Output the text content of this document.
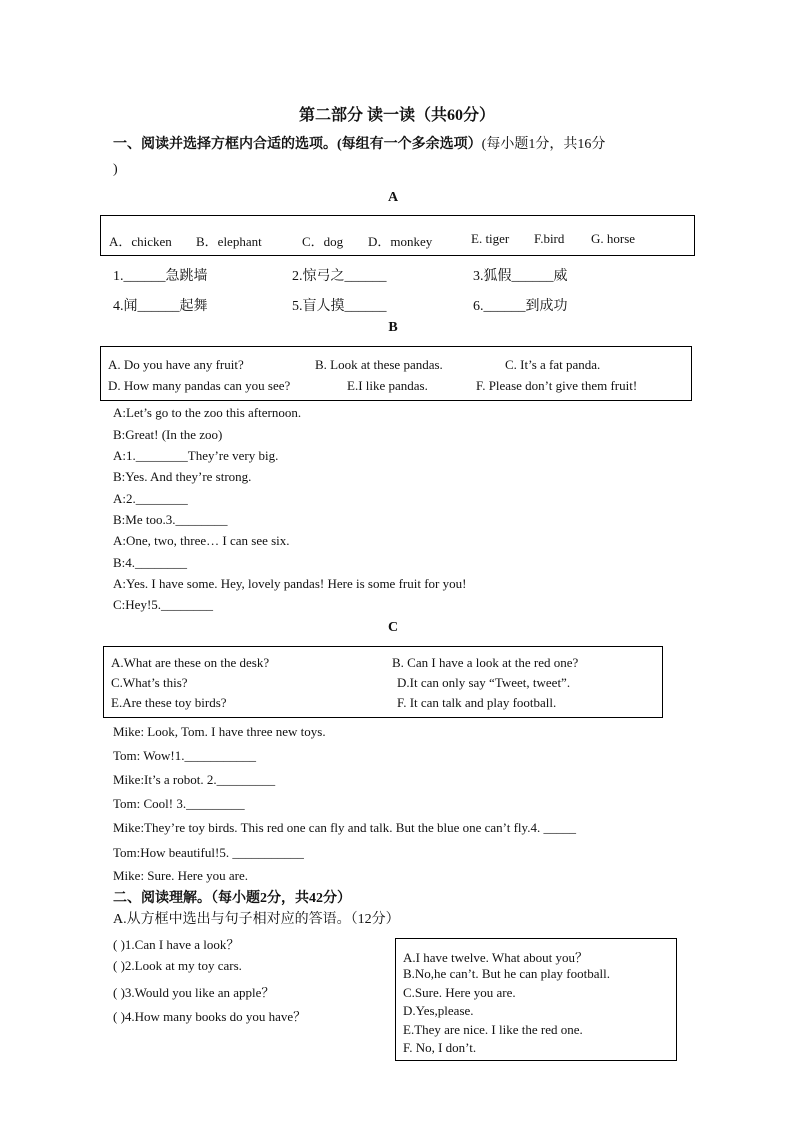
第二部分 读一读（共60分）
一、阅读并选择方框内合适的选项。(每组有一个多余选项）(每小题1分，共16分
)
A
A．chicken B．elephant	C．dog D．monkey	E. tiger F.bird G. horse
1.______急跳墙	2.惊弓之______	3.狐假______威
4.闻______起舞	5.盲人摸______	6.______到成功
B
A. Do you have any fruit?	B. Look at these pandas.	C. It’s a fat panda.
D. How many pandas can you see?	E.I like pandas.	F. Please don’t give them fruit!
A:Let’s go to the zoo this afternoon.
B:Great! (In the zoo)
A:1.________They’re very big.
B:Yes. And they’re strong.
A:2.________
B:Me too.3.________
A:One, two, three… I can see six.
B:4.________
A:Yes. I have some. Hey, lovely pandas! Here is some fruit for you!
C:Hey!5.________
C
A.What are these on the desk?	B. Can I have a look at the red one?
C.What’s this?	D.It can only say “Tweet, tweet”.
E.Are these toy birds?	F. It can talk and play football.
Mike: Look, Tom. I have three new toys.
Tom: Wow!1.___________
Mike:It’s a robot. 2._________
Tom: Cool! 3._________
Mike:They’re toy birds. This red one can fly and talk. But the blue one can’t fly.4. _____
Tom:How beautiful!5. ___________
Mike: Sure. Here you are.
二、阅读理解。（每小题2分，共42分）
A.从方框中选出与句子相对应的答语。（12分）
( )1.Can I have a look？
( )2.Look at my toy cars.
( )3.Would you like an apple？
( )4.How many books do you have？
A.I have twelve. What about you？
B.No,he can’t. But he can play football.
C.Sure. Here you are.
D.Yes,please.
E.They are nice. I like the red one.
F. No, I don’t.
